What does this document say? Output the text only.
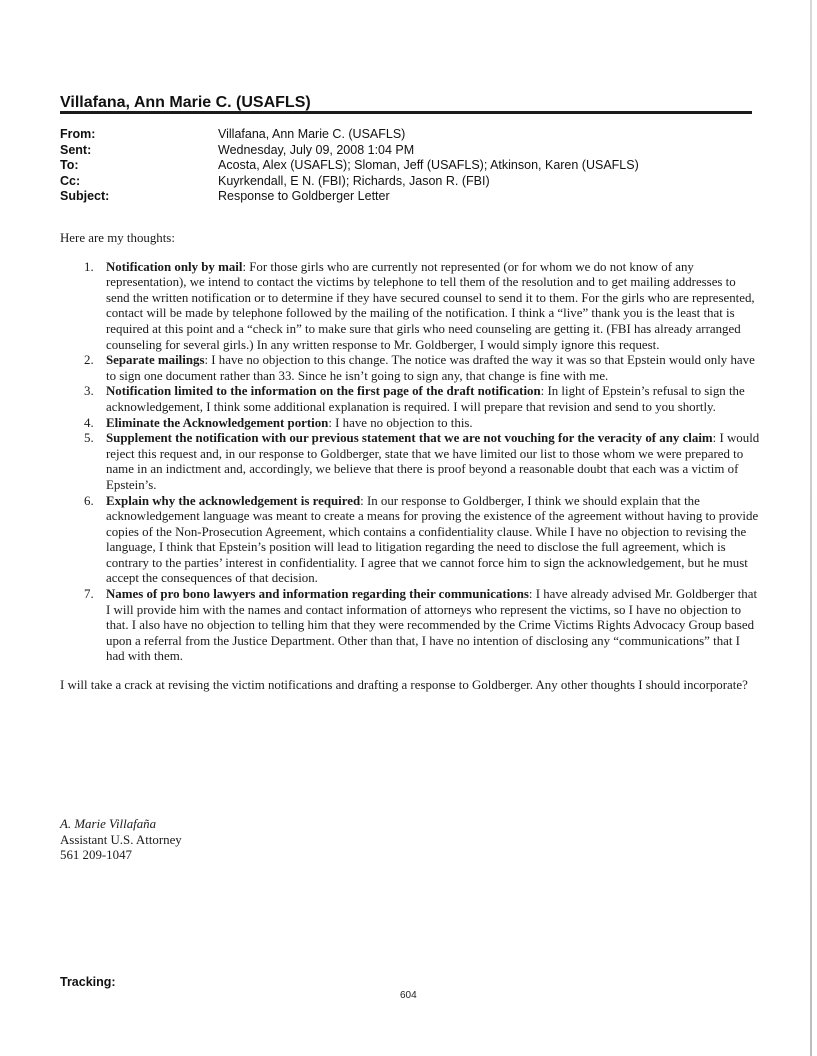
Villafana, Ann Marie C. (USAFLS)
From:	Villafana, Ann Marie C. (USAFLS)
Sent:	Wednesday, July 09, 2008 1:04 PM
To:	Acosta, Alex (USAFLS); Sloman, Jeff (USAFLS); Atkinson, Karen (USAFLS)
Cc:	Kuyrkendall, E N. (FBI); Richards, Jason R. (FBI)
Subject:	Response to Goldberger Letter

Here are my thoughts:

1. Notification only by mail: For those girls who are currently not represented (or for whom we do not know of any representation), we intend to contact the victims by telephone to tell them of the resolution and to get mailing addresses to send the written notification or to determine if they have secured counsel to send it to them. For the girls who are represented, contact will be made by telephone followed by the mailing of the notification. I think a “live” thank you is the least that is required at this point and a “check in” to make sure that girls who need counseling are getting it. (FBI has already arranged counseling for several girls.) In any written response to Mr. Goldberger, I would simply ignore this request.
2. Separate mailings: I have no objection to this change. The notice was drafted the way it was so that Epstein would only have to sign one document rather than 33. Since he isn’t going to sign any, that change is fine with me.
3. Notification limited to the information on the first page of the draft notification: In light of Epstein’s refusal to sign the acknowledgement, I think some additional explanation is required. I will prepare that revision and send to you shortly.
4. Eliminate the Acknowledgement portion: I have no objection to this.
5. Supplement the notification with our previous statement that we are not vouching for the veracity of any claim: I would reject this request and, in our response to Goldberger, state that we have limited our list to those whom we were prepared to name in an indictment and, accordingly, we believe that there is proof beyond a reasonable doubt that each was a victim of Epstein’s.
6. Explain why the acknowledgement is required: In our response to Goldberger, I think we should explain that the acknowledgement language was meant to create a means for proving the existence of the agreement without having to provide copies of the Non-Prosecution Agreement, which contains a confidentiality clause. While I have no objection to revising the language, I think that Epstein’s position will lead to litigation regarding the need to disclose the full agreement, which is contrary to the parties’ interest in confidentiality. I agree that we cannot force him to sign the acknowledgement, but he must accept the consequences of that decision.
7. Names of pro bono lawyers and information regarding their communications: I have already advised Mr. Goldberger that I will provide him with the names and contact information of attorneys who represent the victims, so I have no objection to that. I also have no objection to telling him that they were recommended by the Crime Victims Rights Advocacy Group based upon a referral from the Justice Department. Other than that, I have no intention of disclosing any “communications” that I had with them.

I will take a crack at revising the victim notifications and drafting a response to Goldberger. Any other thoughts I should incorporate?

A. Marie Villafaña
Assistant U.S. Attorney
561 209-1047
Tracking:
604
